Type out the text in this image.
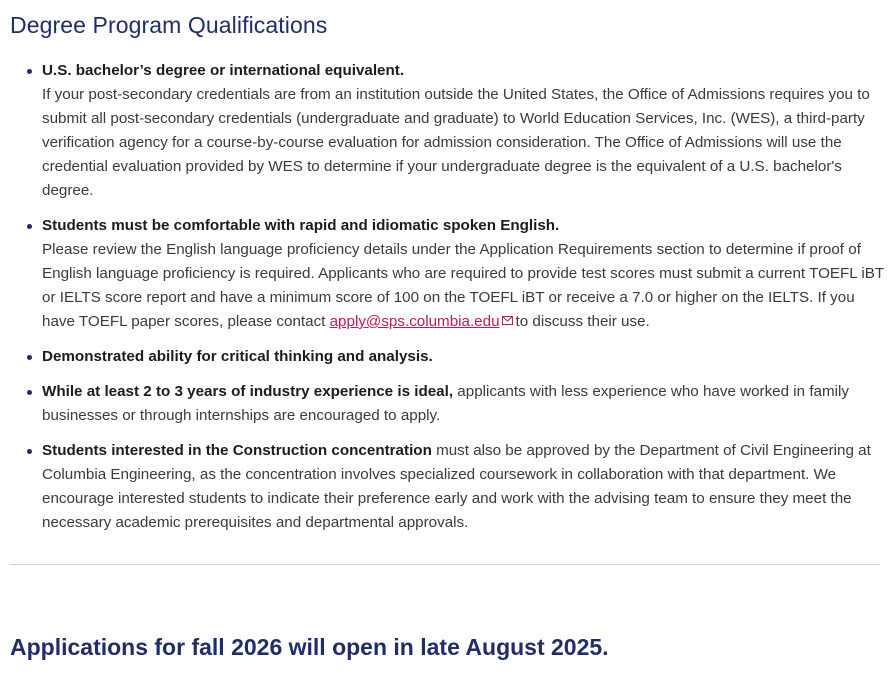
Degree Program Qualifications
U.S. bachelor’s degree or international equivalent.
If your post-secondary credentials are from an institution outside the United States, the Office of Admissions requires you to submit all post-secondary credentials (undergraduate and graduate) to World Education Services, Inc. (WES), a third-party verification agency for a course-by-course evaluation for admission consideration. The Office of Admissions will use the credential evaluation provided by WES to determine if your undergraduate degree is the equivalent of a U.S. bachelor's degree.
Students must be comfortable with rapid and idiomatic spoken English.
Please review the English language proficiency details under the Application Requirements section to determine if proof of English language proficiency is required. Applicants who are required to provide test scores must submit a current TOEFL iBT or IELTS score report and have a minimum score of 100 on the TOEFL iBT or receive a 7.0 or higher on the IELTS. If you have TOEFL paper scores, please contact apply@sps.columbia.edu to discuss their use.
Demonstrated ability for critical thinking and analysis.
While at least 2 to 3 years of industry experience is ideal, applicants with less experience who have worked in family businesses or through internships are encouraged to apply.
Students interested in the Construction concentration must also be approved by the Department of Civil Engineering at Columbia Engineering, as the concentration involves specialized coursework in collaboration with that department. We encourage interested students to indicate their preference early and work with the advising team to ensure they meet the necessary academic prerequisites and departmental approvals.
Applications for fall 2026 will open in late August 2025.
